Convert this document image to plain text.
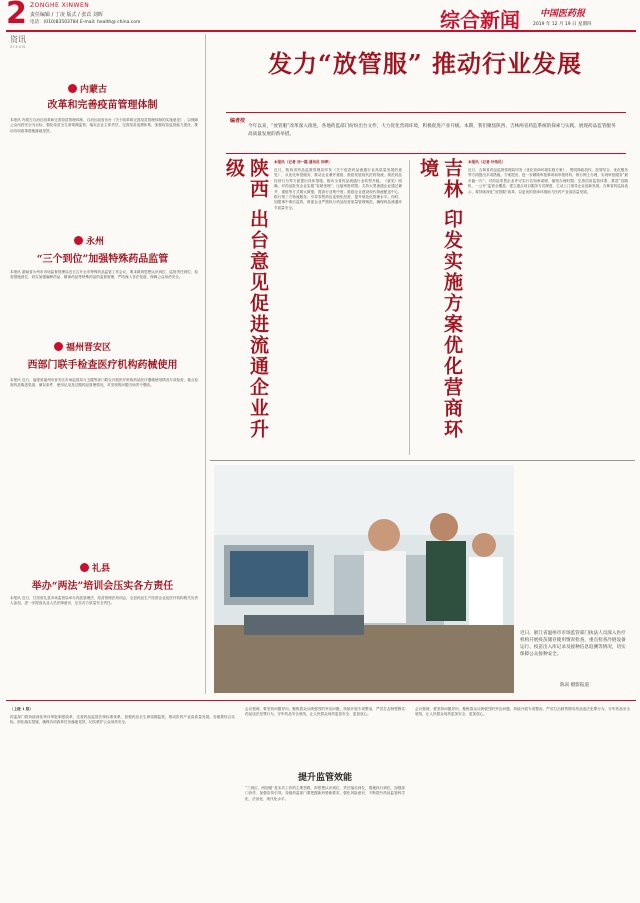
2 ZONGHE XINWEN
责任编辑 / 丁凌 版式 / 张苡 刘晖
电话：(010)83503784 E-mail: health@ china.com	综合新闻 中国医药报
2019 年 12 月 19 日 星期四
资讯
ZIXUN
内蒙古
改革和完善疫苗管理体制
本报讯 内蒙古自治区改革和完善疫苗管理体制，自治区政府出台《关于改革和完善疫苗管理体制的实施意见》，以保障公众用药安全为目标，强化疫苗全生命周期监管，落实企业主体责任，完善疫苗追溯体系，加强疫苗监管能力建设，推动各项改革措施落地见效。
永州
“三个到位”加强特殊药品监管
本报讯 湖南省永州市市场监督管理局近日召开全市特殊药品监管工作会议，要求做到思想认识到位、监管责任到位、检查措施到位，切实加强麻醉药品、精神药品等特殊药品的监督管理，严防流入非法渠道，保障公众用药安全。
福州晋安区
西部门联手检查医疗机构药械使用
本报讯 近日，福建省福州市晋安区市场监管局与卫健等部门联合开展医疗机构药品医疗器械使用情况专项检查，重点检查药品购进渠道、储存条件、使用记录及过期药品管理情况，对发现的问题当场责令整改。
礼县
举办“两法”培训会压实各方责任
本报讯 近日，甘肃省礼县市场监管局举办药品管理法、疫苗管理法培训会，全县药品生产经营企业及医疗机构相关负责人参加，进一步提高从业人员法律意识，压实各方质量安全责任。
发力“放管服” 推动行业发展
编者按
今年以来，“放管服”改革深入推进，各地药监部门纷纷出台文件，大力优化营商环境，积极促进产业升级。本期，我们聚焦陕西、吉林两省药监系统的探索与实践，展现药品监管服务高质量发展的新举措。
陕西 出台意见促进流通企业升级	本报讯（记者 刘一越 通讯员 田晔）
近日，陕西省药品监督管理局印发《关于促进药品流通行业高质量发展的意见》，从优化审批服务、推动企业兼并重组、鼓励发展现代医药物流、规范药品经营行为等方面提出具体措施，推动全省药品流通行业转型升级。《意见》明确，对药品批发企业实施“容缺受理”，压缩审批时限；支持大型流通企业通过兼并、重组等方式做大做强，提高行业集中度；鼓励企业建设现代物流配送中心，推行第三方物流服务；引导零售药店连锁化经营，提升规范化管理水平。同时，加强事中事后监管，督促企业严格执行药品经营质量管理规范，确保药品流通环节质量安全。	吉林 印发实施方案优化营商环境	本报讯（记者 叶伟民）
近日，吉林省药品监督管理局印发《优化营商环境实施方案》，围绕简政放权、放管结合、优化服务等方面提出多项措施。方案提出，进一步精简审批事项和申报材料，推行网上办理，实现审批服务“最多跑一次”；对药品零售企业许可实行告知承诺制，缩短办理时限；完善信用监管体系，推进“双随机、一公开”监管全覆盖；建立重点项目服务专员制度，主动上门指导企业创新发展。吉林省药监局表示，将持续深化“放管服”改革，以更优的营商环境助力医药产业高质量发展。
近日，浙江省温州市市场监管部门执法人员深入医疗机构开展疫苗储存使用情况检查，重点检查冷链设备运行、疫苗出入库记录及接种信息追溯等情况，切实保障公众接种安全。
陈寅 摄影报道
（上接 1 版）
药监部门将持续深化审评审批制度改革，完善药品监管法规标准体系，加强药品全生命周期监管，推动医药产业高质量发展。各地要结合实际，细化落实措施，确保各项改革任务落地见效，切实维护公众用药安全。
会议强调，要坚持问题导向，聚焦群众反映强烈的突出问题，持续开展专项整治，严厉打击制售假劣药品违法犯罪行为，守牢药品安全底线，让人民群众用药更加安全、更加放心。
提升监管效能
“三到位、两加强”是本次工作的主要思路，即思想认识到位、责任落实到位、措施执行到位，加强部门协作、加强宣传引导。各级药监部门要把握新形势新要求，强化风险意识，不断提升药品监管科学化、法治化、现代化水平。
会议强调，要坚持问题导向，聚焦群众反映强烈的突出问题，持续开展专项整治，严厉打击制售假劣药品违法犯罪行为，守牢药品安全底线，让人民群众用药更加安全、更加放心。
